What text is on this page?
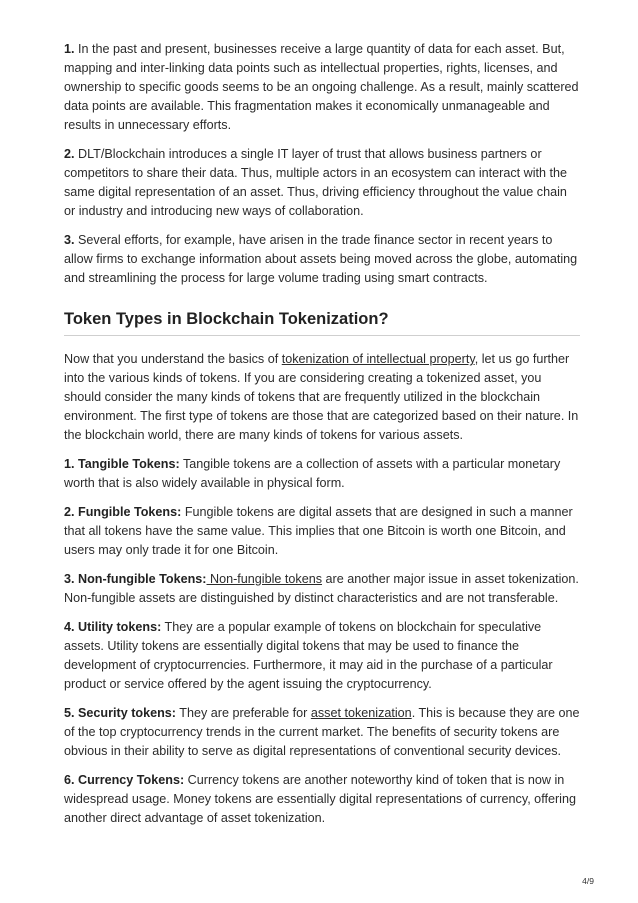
1. In the past and present, businesses receive a large quantity of data for each asset. But, mapping and inter-linking data points such as intellectual properties, rights, licenses, and ownership to specific goods seems to be an ongoing challenge. As a result, mainly scattered data points are available. This fragmentation makes it economically unmanageable and results in unnecessary efforts.

2. DLT/Blockchain introduces a single IT layer of trust that allows business partners or competitors to share their data. Thus, multiple actors in an ecosystem can interact with the same digital representation of an asset. Thus, driving efficiency throughout the value chain or industry and introducing new ways of collaboration.

3. Several efforts, for example, have arisen in the trade finance sector in recent years to allow firms to exchange information about assets being moved across the globe, automating and streamlining the process for large volume trading using smart contracts.

Token Types in Blockchain Tokenization?

Now that you understand the basics of tokenization of intellectual property, let us go further into the various kinds of tokens. If you are considering creating a tokenized asset, you should consider the many kinds of tokens that are frequently utilized in the blockchain environment. The first type of tokens are those that are categorized based on their nature. In the blockchain world, there are many kinds of tokens for various assets.

1. Tangible Tokens: Tangible tokens are a collection of assets with a particular monetary worth that is also widely available in physical form.

2. Fungible Tokens: Fungible tokens are digital assets that are designed in such a manner that all tokens have the same value. This implies that one Bitcoin is worth one Bitcoin, and users may only trade it for one Bitcoin.

3. Non-fungible Tokens: Non-fungible tokens are another major issue in asset tokenization. Non-fungible assets are distinguished by distinct characteristics and are not transferable.

4. Utility tokens: They are a popular example of tokens on blockchain for speculative assets. Utility tokens are essentially digital tokens that may be used to finance the development of cryptocurrencies. Furthermore, it may aid in the purchase of a particular product or service offered by the agent issuing the cryptocurrency.

5. Security tokens: They are preferable for asset tokenization. This is because they are one of the top cryptocurrency trends in the current market. The benefits of security tokens are obvious in their ability to serve as digital representations of conventional security devices.

6. Currency Tokens: Currency tokens are another noteworthy kind of token that is now in widespread usage. Money tokens are essentially digital representations of currency, offering another direct advantage of asset tokenization.

4/9
